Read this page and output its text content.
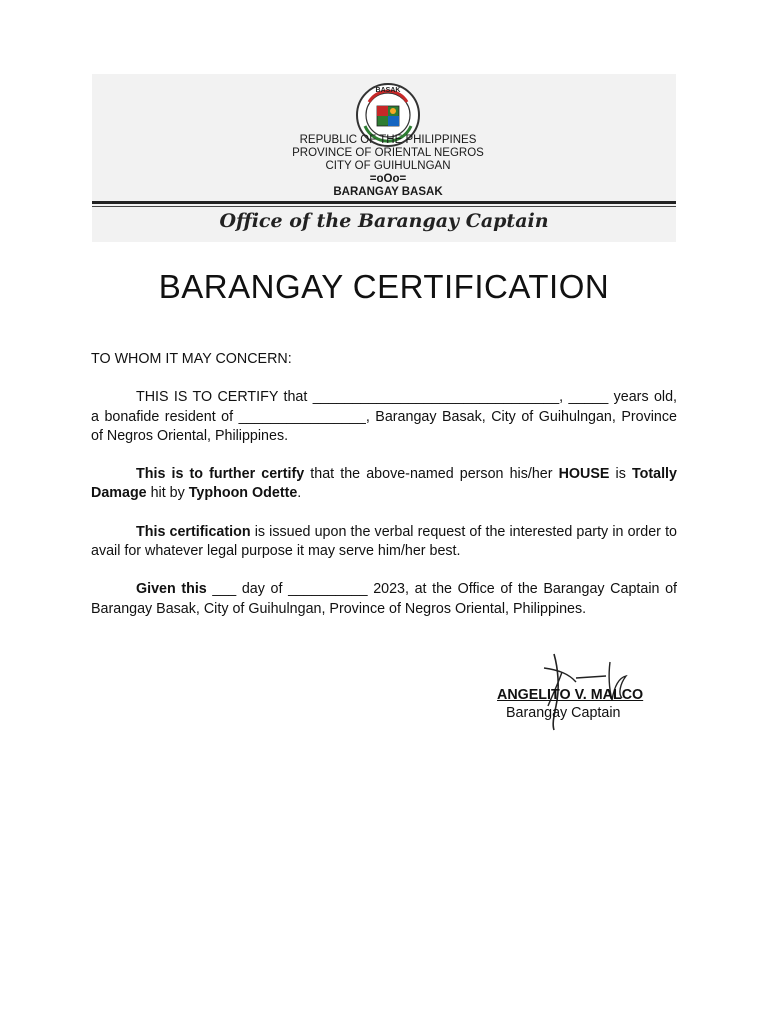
BASAK
REPUBLIC OF THE PHILIPPINES
PROVINCE OF ORIENTAL NEGROS
CITY OF GUIHULNGAN
=oOo=
BARANGAY BASAK
Office of the Barangay Captain
BARANGAY CERTIFICATION

TO WHOM IT MAY CONCERN:

THIS IS TO CERTIFY that _______________________________, _____ years old, a bonafide resident of ________________, Barangay Basak, City of Guihulngan, Province of Negros Oriental, Philippines.

This is to further certify that the above-named person his/her HOUSE is Totally Damage hit by Typhoon Odette.

This certification is issued upon the verbal request of the interested party in order to avail for whatever legal purpose it may serve him/her best.

Given this ___ day of __________ 2023, at the Office of the Barangay Captain of Barangay Basak, City of Guihulngan, Province of Negros Oriental, Philippines.

ANGELITO V. MALCO
Barangay Captain
